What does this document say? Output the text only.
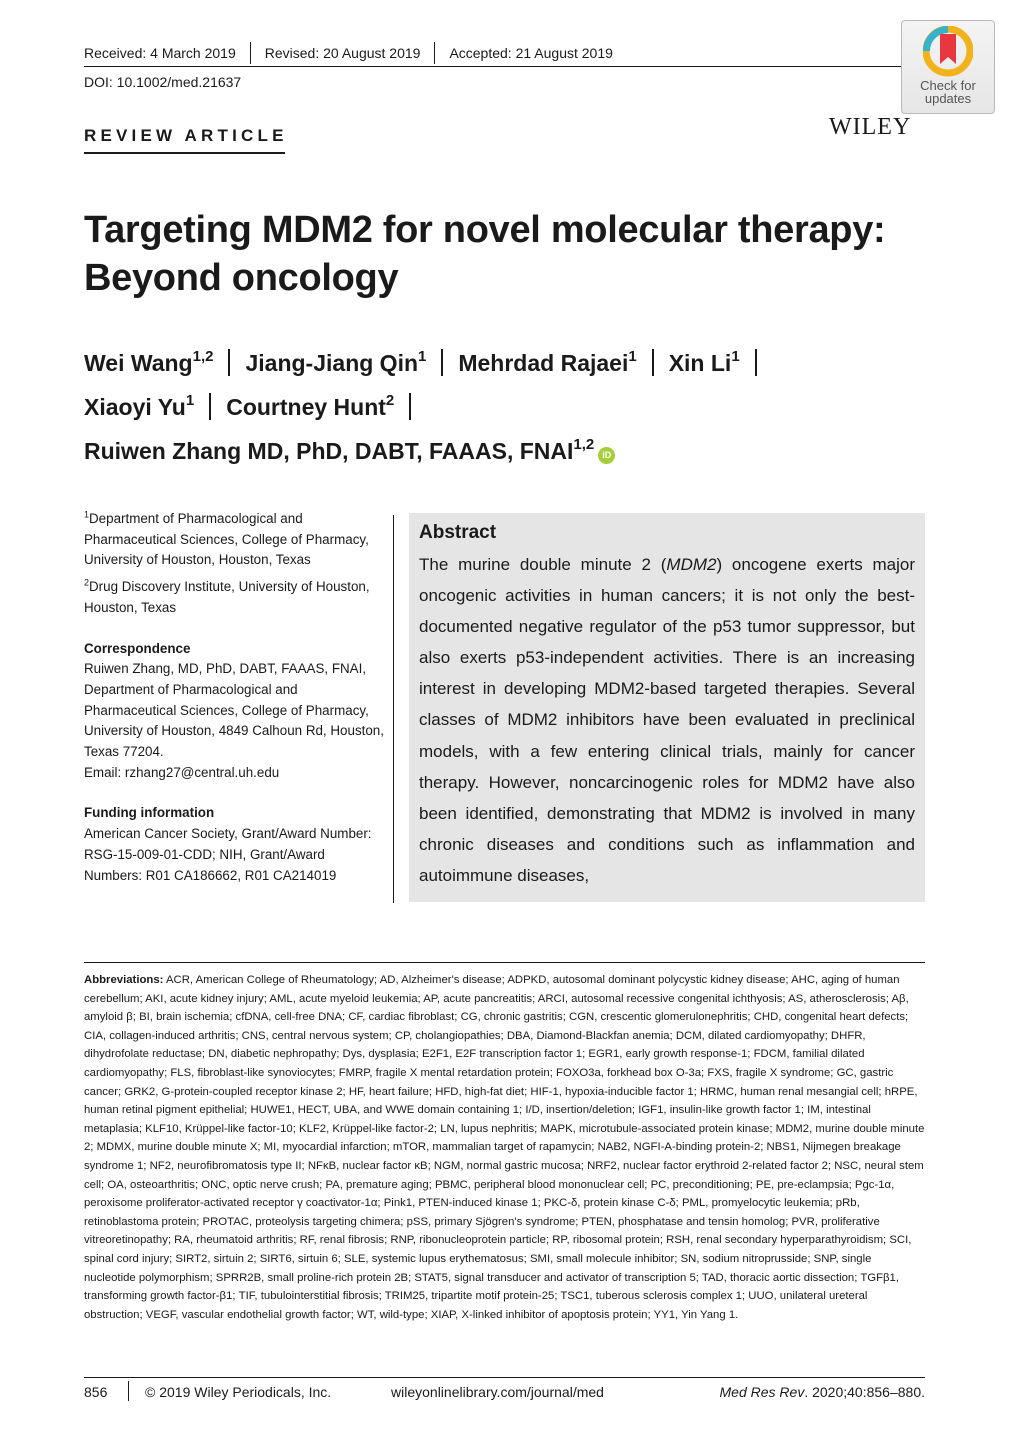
Received: 4 March 2019 Revised: 20 August 2019 Accepted: 21 August 2019
DOI: 10.1002/med.21637
REVIEW ARTICLE	WILEY
Check for
updates
Targeting MDM2 for novel molecular therapy:
Beyond oncology
Wei Wang$^{1,2}$ Jiang-Jiang Qin$^1$ Mehrdad Rajaei$^1$ Xin Li$^1$
Xiaoyi Yu$^1$ Courtney Hunt$^2$
Ruiwen Zhang MD, PhD, DABT, FAAAS, FNAI$^{1,2}$iD

$^1$Department of Pharmacological and Pharmaceutical Sciences, College of Pharmacy, University of Houston, Houston, Texas

$^2$Drug Discovery Institute, University of Houston, Houston, Texas

Correspondence

Ruiwen Zhang, MD, PhD, DABT, FAAAS, FNAI, Department of Pharmacological and Pharmaceutical Sciences, College of Pharmacy, University of Houston, 4849 Calhoun Rd, Houston, Texas 77204.

Email: rzhang27@central.uh.edu

Funding information

American Cancer Society, Grant/Award Number: RSG-15-009-01-CDD; NIH, Grant/Award Numbers: R01 CA186662, R01 CA214019

Abstract
The murine double minute 2 (MDM2) oncogene exerts major oncogenic activities in human cancers; it is not only the best-documented negative regulator of the p53 tumor suppressor, but also exerts p53-independent activities. There is an increasing interest in developing MDM2-based targeted therapies. Several classes of MDM2 inhibitors have been evaluated in preclinical models, with a few entering clinical trials, mainly for cancer therapy. However, noncarcinogenic roles for MDM2 have also been identified, demonstrating that MDM2 is involved in many chronic diseases and conditions such as inflammation and autoimmune diseases,
Abbreviations: ACR, American College of Rheumatology; AD, Alzheimer's disease; ADPKD, autosomal dominant polycystic kidney disease; AHC, aging of human cerebellum; AKI, acute kidney injury; AML, acute myeloid leukemia; AP, acute pancreatitis; ARCI, autosomal recessive congenital ichthyosis; AS, atherosclerosis; Aβ, amyloid β; BI, brain ischemia; cfDNA, cell-free DNA; CF, cardiac fibroblast; CG, chronic gastritis; CGN, crescentic glomerulonephritis; CHD, congenital heart defects; CIA, collagen-induced arthritis; CNS, central nervous system; CP, cholangiopathies; DBA, Diamond-Blackfan anemia; DCM, dilated cardiomyopathy; DHFR, dihydrofolate reductase; DN, diabetic nephropathy; Dys, dysplasia; E2F1, E2F transcription factor 1; EGR1, early growth response-1; FDCM, familial dilated cardiomyopathy; FLS, fibroblast-like synoviocytes; FMRP, fragile X mental retardation protein; FOXO3a, forkhead box O-3a; FXS, fragile X syndrome; GC, gastric cancer; GRK2, G-protein-coupled receptor kinase 2; HF, heart failure; HFD, high-fat diet; HIF-1, hypoxia-inducible factor 1; HRMC, human renal mesangial cell; hRPE, human retinal pigment epithelial; HUWE1, HECT, UBA, and WWE domain containing 1; I/D, insertion/deletion; IGF1, insulin-like growth factor 1; IM, intestinal metaplasia; KLF10, Krüppel-like factor-10; KLF2, Krüppel-like factor-2; LN, lupus nephritis; MAPK, microtubule-associated protein kinase; MDM2, murine double minute 2; MDMX, murine double minute X; MI, myocardial infarction; mTOR, mammalian target of rapamycin; NAB2, NGFI-A-binding protein-2; NBS1, Nijmegen breakage syndrome 1; NF2, neurofibromatosis type II; NFκB, nuclear factor κB; NGM, normal gastric mucosa; NRF2, nuclear factor erythroid 2-related factor 2; NSC, neural stem cell; OA, osteoarthritis; ONC, optic nerve crush; PA, premature aging; PBMC, peripheral blood mononuclear cell; PC, preconditioning; PE, pre-eclampsia; Pgc-1α, peroxisome proliferator-activated receptor γ coactivator-1α; Pink1, PTEN-induced kinase 1; PKC-δ, protein kinase C-δ; PML, promyelocytic leukemia; pRb, retinoblastoma protein; PROTAC, proteolysis targeting chimera; pSS, primary Sjögren's syndrome; PTEN, phosphatase and tensin homolog; PVR, proliferative vitreoretinopathy; RA, rheumatoid arthritis; RF, renal fibrosis; RNP, ribonucleoprotein particle; RP, ribosomal protein; RSH, renal secondary hyperparathyroidism; SCI, spinal cord injury; SIRT2, sirtuin 2; SIRT6, sirtuin 6; SLE, systemic lupus erythematosus; SMI, small molecule inhibitor; SN, sodium nitroprusside; SNP, single nucleotide polymorphism; SPRR2B, small proline-rich protein 2B; STAT5, signal transducer and activator of transcription 5; TAD, thoracic aortic dissection; TGFβ1, transforming growth factor-β1; TIF, tubulointerstitial fibrosis; TRIM25, tripartite motif protein-25; TSC1, tuberous sclerosis complex 1; UUO, unilateral ureteral obstruction; VEGF, vascular endothelial growth factor; WT, wild-type; XIAP, X-linked inhibitor of apoptosis protein; YY1, Yin Yang 1.
856	© 2019 Wiley Periodicals, Inc.	wileyonlinelibrary.com/journal/med	Med Res Rev. 2020;40:856–880.
